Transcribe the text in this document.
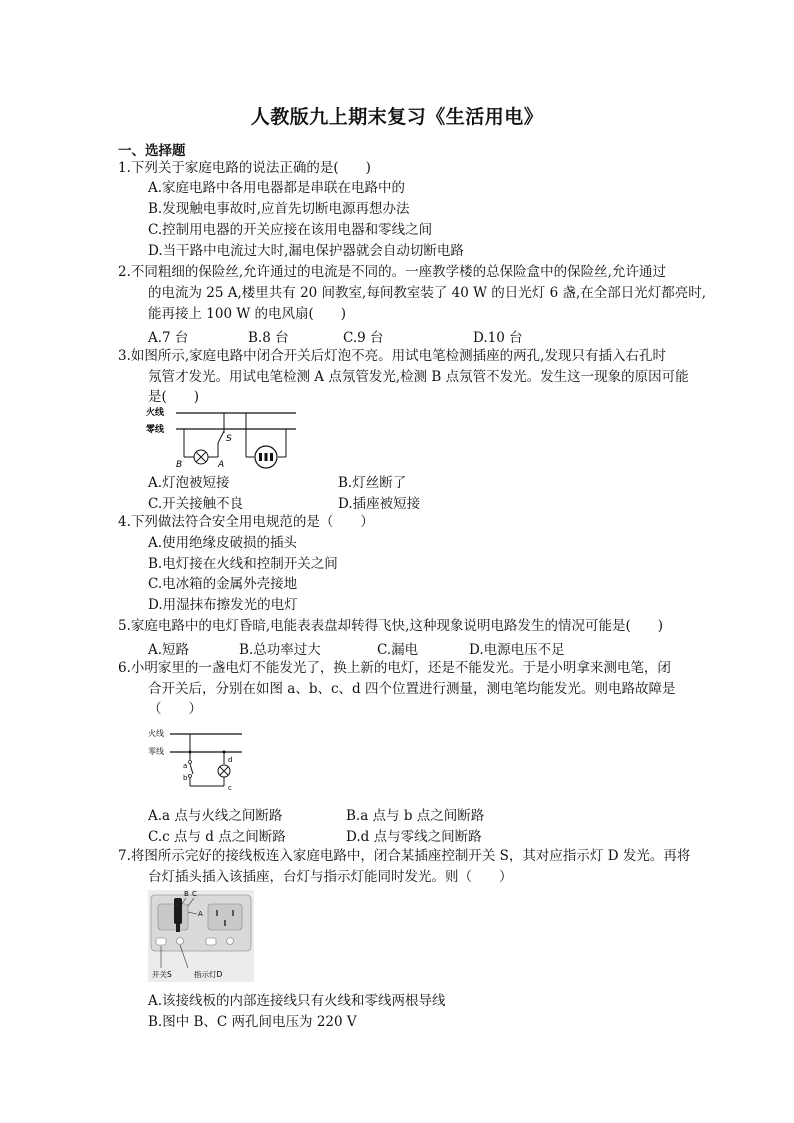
人教版九上期末复习《生活用电》
一、选择题
1.下列关于家庭电路的说法正确的是(　　)
A.家庭电路中各用电器都是串联在电路中的
B.发现触电事故时,应首先切断电源再想办法
C.控制用电器的开关应接在该用电器和零线之间
D.当干路中电流过大时,漏电保护器就会自动切断电路
2.不同粗细的保险丝,允许通过的电流是不同的。一座教学楼的总保险盒中的保险丝,允许通过
的电流为 25 A,楼里共有 20 间教室,每间教室装了 40 W 的日光灯 6 盏,在全部日光灯都亮时,
能再接上 100 W 的电风扇(　　)
A.7 台	B.8 台	C.9 台	D.10 台
3.如图所示,家庭电路中闭合开关后灯泡不亮。用试电笔检测插座的两孔,发现只有插入右孔时
氖管才发光。用试电笔检测 A 点氖管发光,检测 B 点氖管不发光。发生这一现象的原因可能
是(　　)
火线
零线
S
A
B
A.灯泡被短接	B.灯丝断了
C.开关接触不良	D.插座被短接
4.下列做法符合安全用电规范的是（　　）
A.使用绝缘皮破损的插头
B.电灯接在火线和控制开关之间
C.电冰箱的金属外壳接地
D.用湿抹布擦发光的电灯
5.家庭电路中的电灯昏暗,电能表表盘却转得飞快,这种现象说明电路发生的情况可能是(　　)
A.短路	B.总功率过大	C.漏电	D.电源电压不足
6.小明家里的一盏电灯不能发光了，换上新的电灯，还是不能发光。于是小明拿来测电笔，闭
合开关后，分别在如图 a、b、c、d 四个位置进行测量，测电笔均能发光。则电路故障是
（　　）
火线
零线
a
b
d
c
A.a 点与火线之间断路	B.a 点与 b 点之间断路
C.c 点与 d 点之间断路	D.d 点与零线之间断路
7.将图所示完好的接线板连入家庭电路中，闭合某插座控制开关 S，其对应指示灯 D 发光。再将
台灯插头插入该插座，台灯与指示灯能同时发光。则（　　）
B C
A
开关S	指示灯D
A.该接线板的内部连接线只有火线和零线两根导线
B.图中 B、C 两孔间电压为 220 V
